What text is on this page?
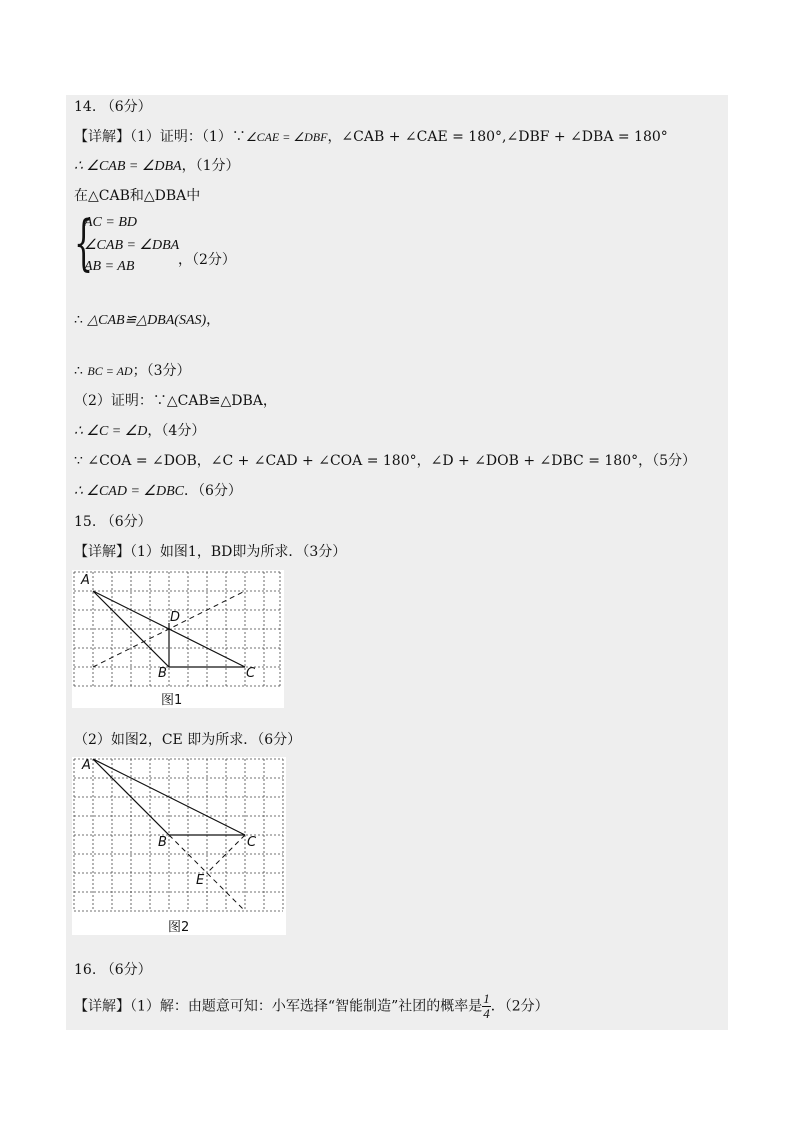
14. （6分）
【详解】（1）证明：（1）∵∠CAE = ∠DBF，∠CAB + ∠CAE = 180°,∠DBF + ∠DBA = 180°
∴ ∠CAB = ∠DBA，（1分）
在△CAB和△DBA中
{
AC = BD
∠CAB = ∠DBA
AB = AB	，（2分）
∴ △CAB≌△DBA(SAS)，
∴ BC = AD；（3分）
（2）证明：∵△CAB≌△DBA，
∴ ∠C = ∠D，（4分）
∵ ∠COA = ∠DOB，∠C + ∠CAD + ∠COA = 180°，∠D + ∠DOB + ∠DBC = 180°，（5分）
∴ ∠CAD = ∠DBC．（6分）
15. （6分）
【详解】（1）如图1，BD即为所求．（3分）
A
D
B	C
图1
（2）如图2，CE 即为所求．（6分）
A
B	C
E
图2
16. （6分）
【详解】（1）解：由题意可知：小军选择“智能制造”社团的概率是 $\frac{1}{4}$ ．（2分）
